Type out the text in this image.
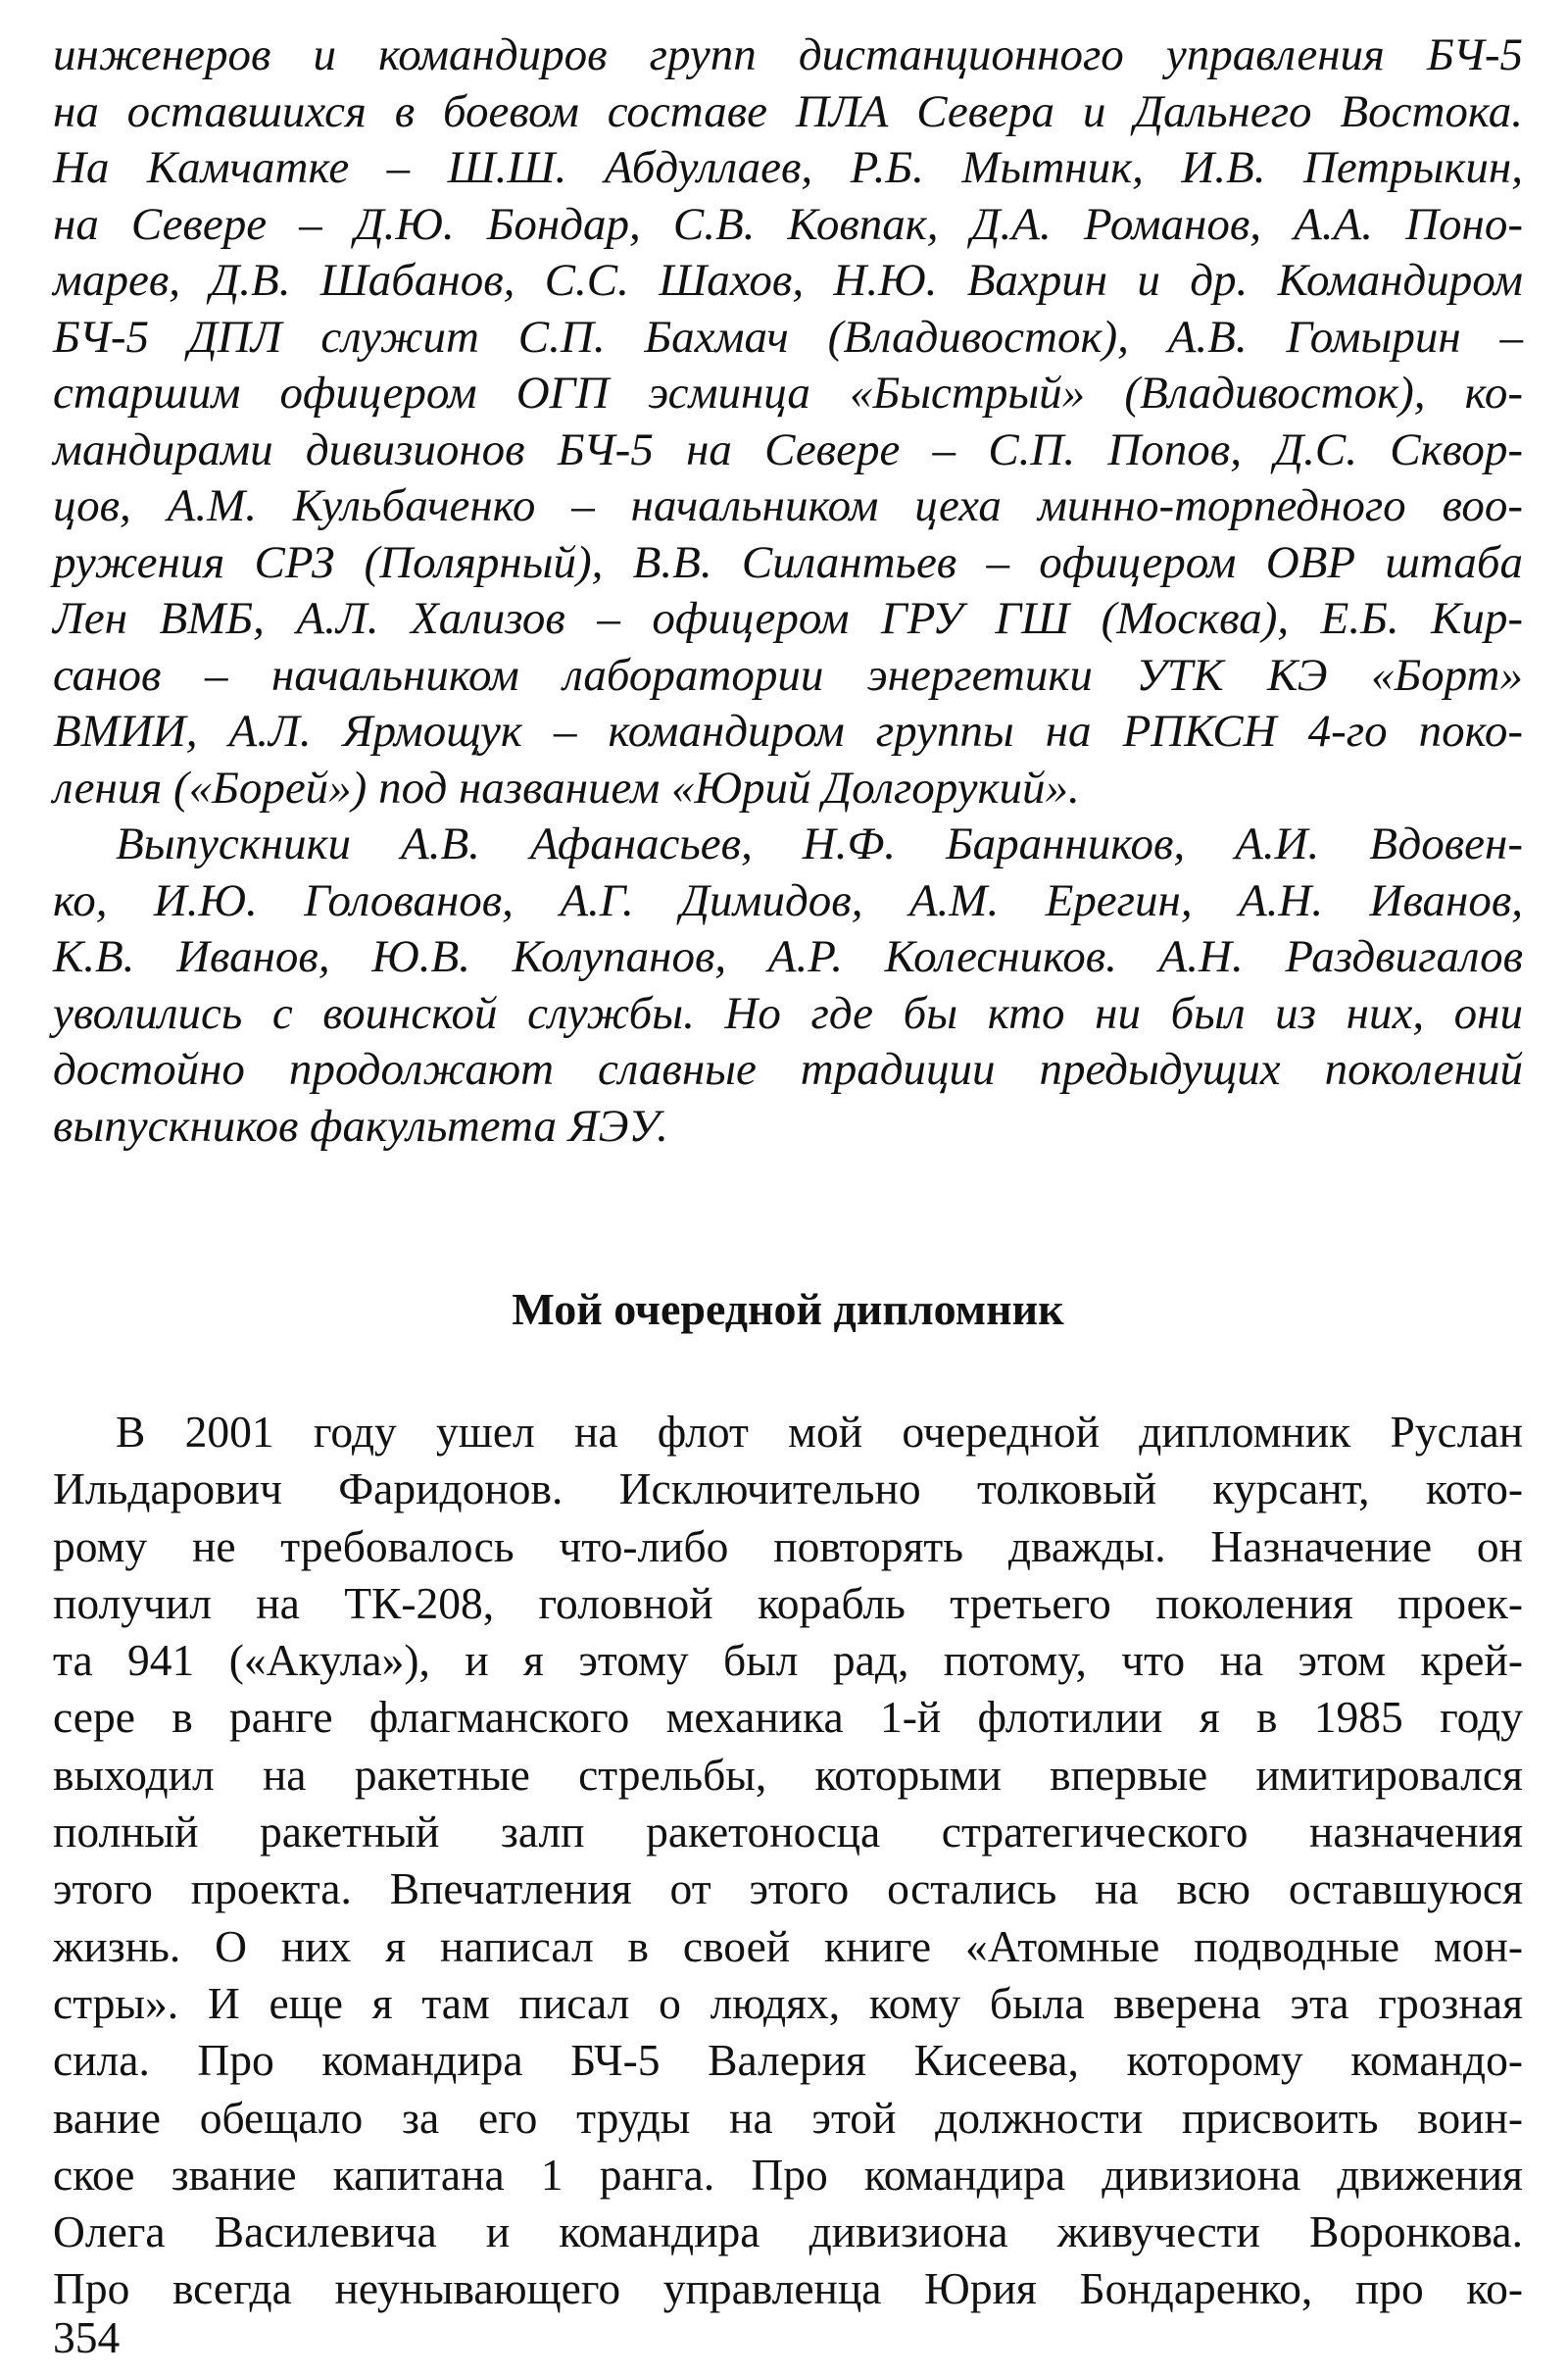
инженеров и командиров групп дистанционного управления БЧ-5
на оставшихся в боевом составе ПЛА Севера и Дальнего Востока.
На Камчатке – Ш.Ш. Абдуллаев, Р.Б. Мытник, И.В. Петрыкин,
на Севере – Д.Ю. Бондар, С.В. Ковпак, Д.А. Романов, А.А. Поно-
марев, Д.В. Шабанов, С.С. Шахов, Н.Ю. Вахрин и др. Командиром
БЧ-5 ДПЛ служит С.П. Бахмач (Владивосток), А.В. Гомырин –
старшим офицером ОГП эсминца «Быстрый» (Владивосток), ко-
мандирами дивизионов БЧ-5 на Севере – С.П. Попов, Д.С. Сквор-
цов, А.М. Кульбаченко – начальником цеха минно-торпедного воо-
ружения СРЗ (Полярный), В.В. Силантьев – офицером ОВР штаба
Лен ВМБ, А.Л. Хализов – офицером ГРУ ГШ (Москва), Е.Б. Кир-
санов – начальником лаборатории энергетики УТК КЭ «Борт»
ВМИИ, А.Л. Ярмощук – командиром группы на РПКСН 4-го поко-
ления («Борей») под названием «Юрий Долгорукий».

Выпускники А.В. Афанасьев, Н.Ф. Баранников, А.И. Вдовен-
ко, И.Ю. Голованов, А.Г. Димидов, А.М. Ерегин, А.Н. Иванов,
К.В. Иванов, Ю.В. Колупанов, А.Р. Колесников. А.Н. Раздвигалов
уволились с воинской службы. Но где бы кто ни был из них, они
достойно продолжают славные традиции предыдущих поколений
выпускников факультета ЯЭУ.

Мой очередной дипломник

В 2001 году ушел на флот мой очередной дипломник Руслан
Ильдарович Фаридонов. Исключительно толковый курсант, кото-
рому не требовалось что-либо повторять дважды. Назначение он
получил на ТК-208, головной корабль третьего поколения проек-
та 941 («Акула»), и я этому был рад, потому, что на этом крей-
сере в ранге флагманского механика 1-й флотилии я в 1985 году
выходил на ракетные стрельбы, которыми впервые имитировался
полный ракетный залп ракетоносца стратегического назначения
этого проекта. Впечатления от этого остались на всю оставшуюся
жизнь. О них я написал в своей книге «Атомные подводные мон-
стры». И еще я там писал о людях, кому была вверена эта грозная
сила. Про командира БЧ-5 Валерия Кисеева, которому командо-
вание обещало за его труды на этой должности присвоить воин-
ское звание капитана 1 ранга. Про командира дивизиона движения
Олега Василевича и командира дивизиона живучести Воронкова.
Про всегда неунывающего управленца Юрия Бондаренко, про ко-

354
